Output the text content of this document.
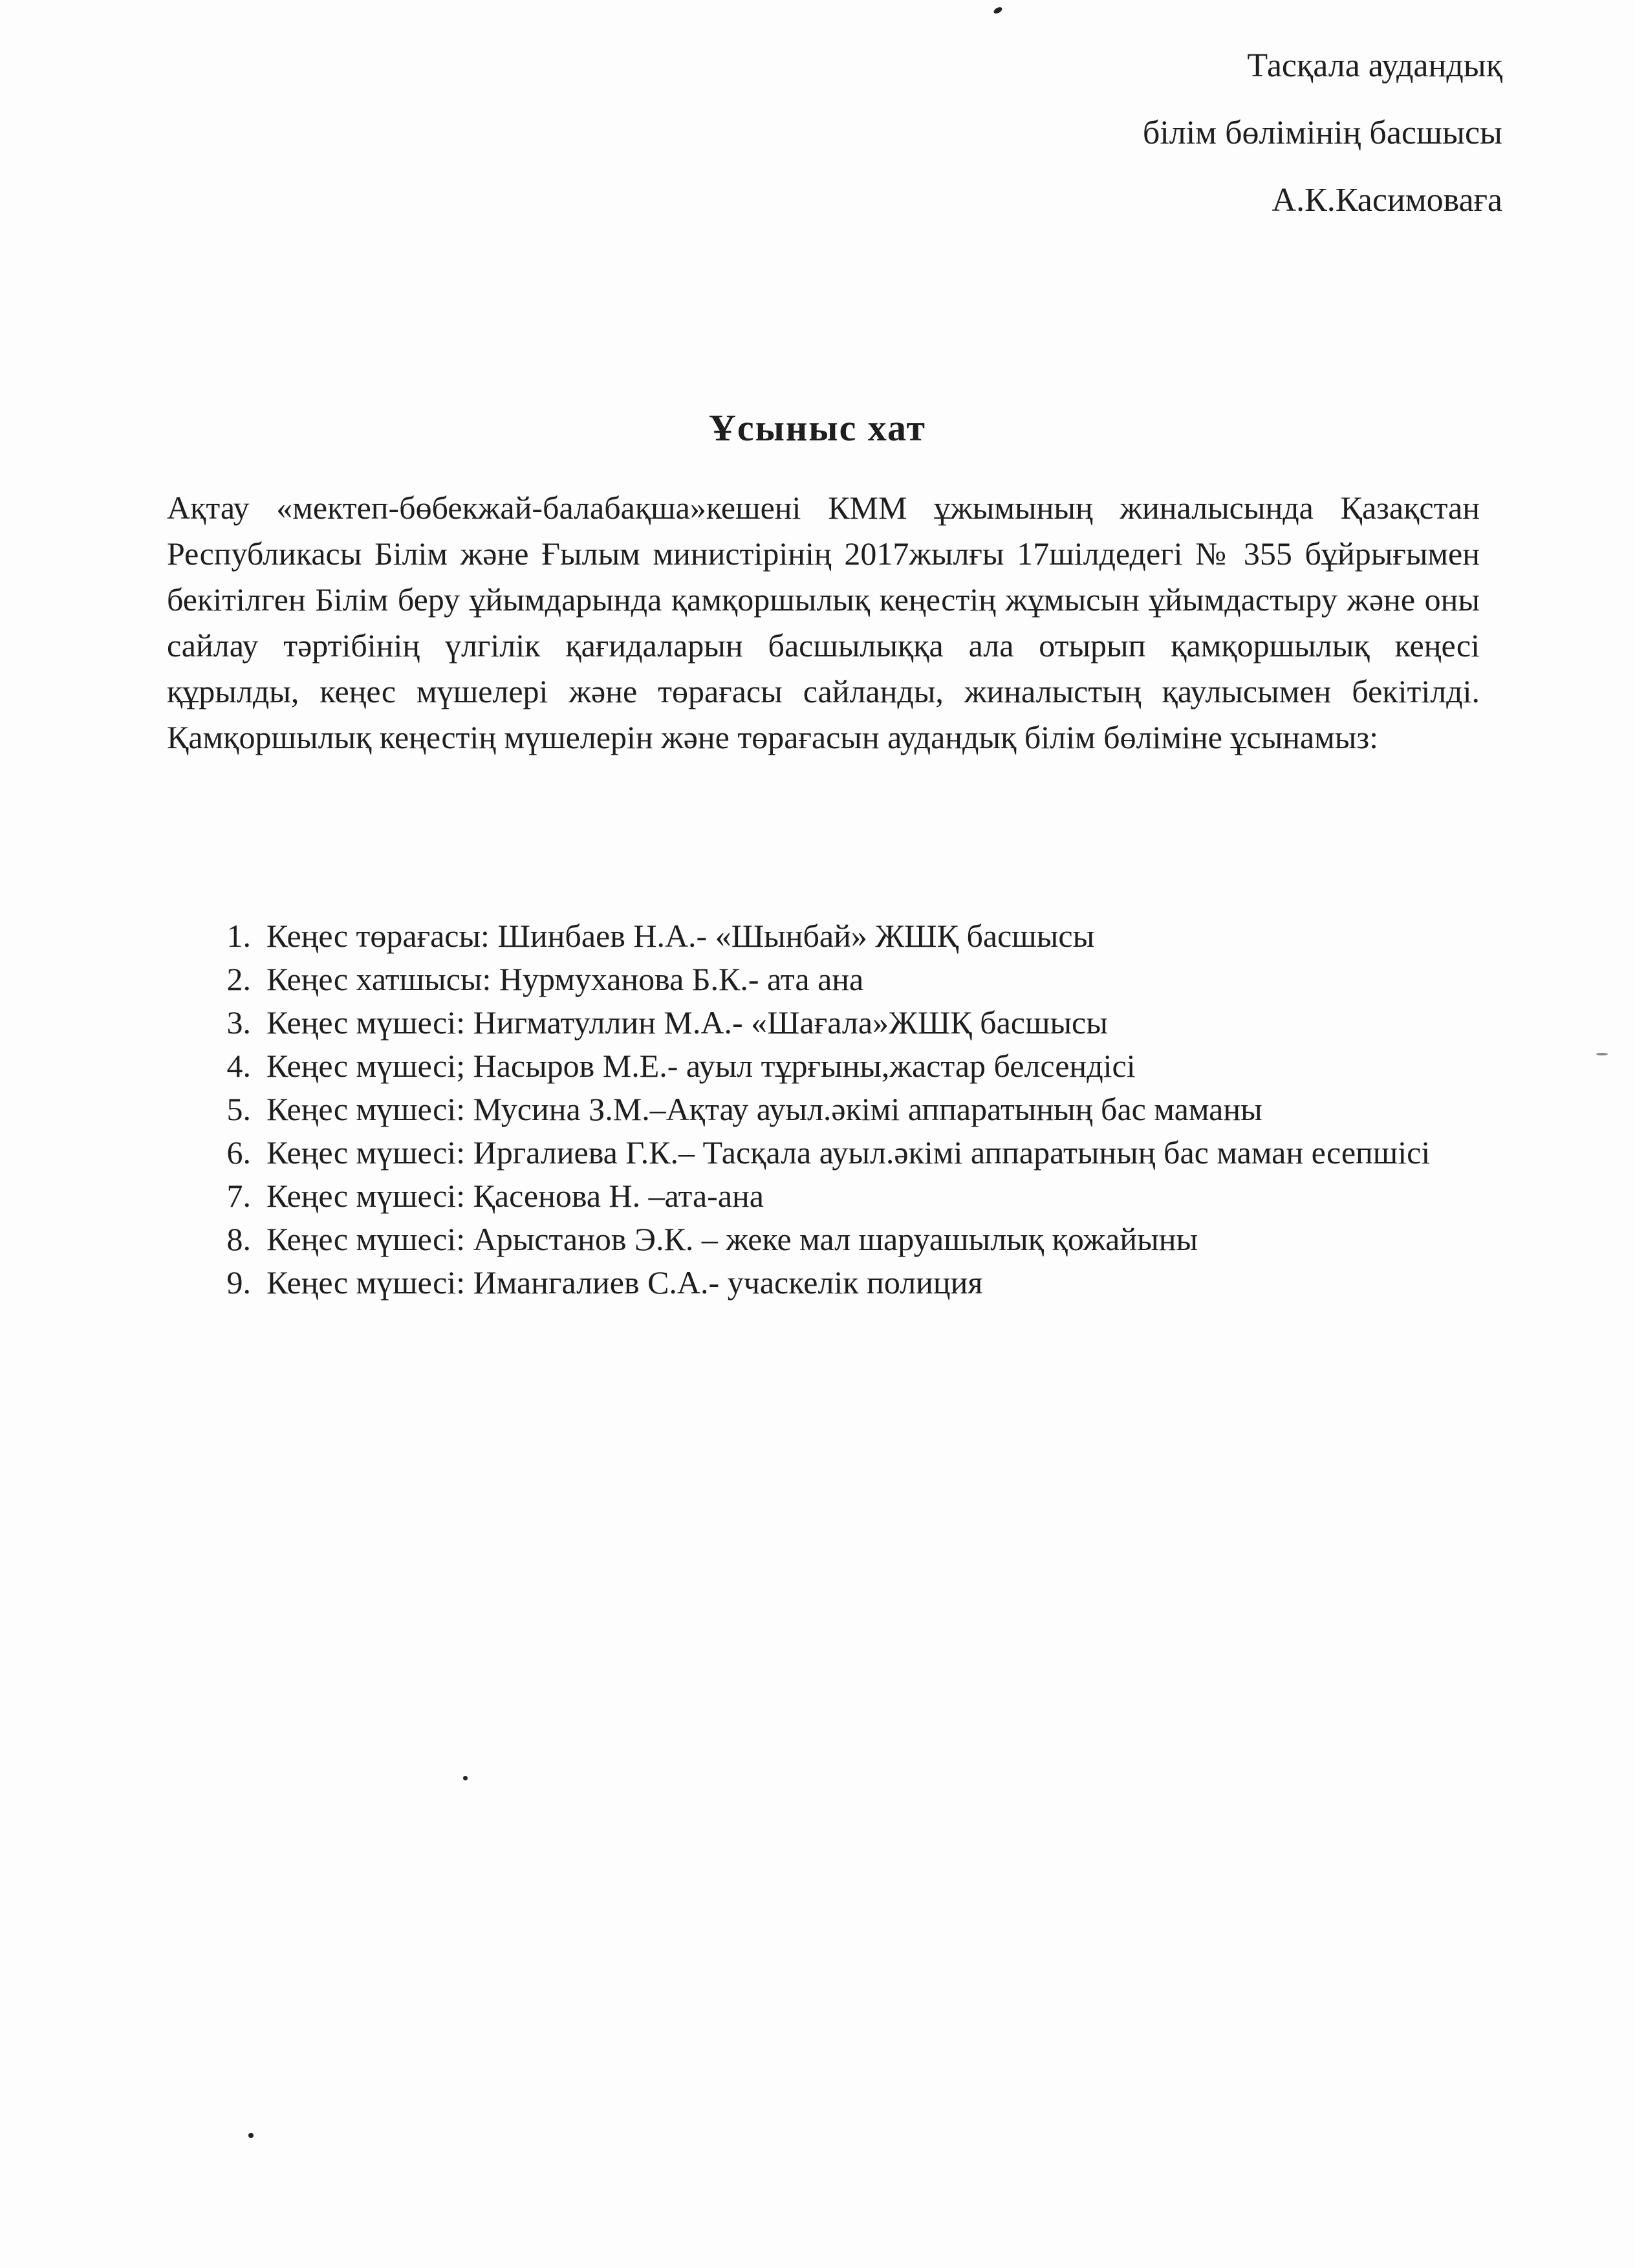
Тасқала аудандық
білім бөлімінің басшысы
А.К.Касимоваға
Ұсыныс хат
Ақтау «мектеп-бөбекжай-балабақша»кешені КММ ұжымының жиналысында Қазақстан Республикасы Білім және Ғылым министірінің 2017жылғы 17шілдедегі № 355 бұйрығымен бекітілген Білім беру ұйымдарында қамқоршылық кеңестің жұмысын ұйымдастыру және оны сайлау тәртібінің үлгілік қағидаларын басшылыққа ала отырып қамқоршылық кеңесі құрылды, кеңес мүшелері және төрағасы сайланды, жиналыстың қаулысымен бекітілді. Қамқоршылық кеңестің мүшелерін және төрағасын аудандық білім бөліміне ұсынамыз:
1. Кеңес төрағасы: Шинбаев Н.А.- «Шынбай» ЖШҚ басшысы
2. Кеңес хатшысы: Нурмуханова Б.К.- ата ана
3. Кеңес мүшесі: Нигматуллин М.А.- «Шағала»ЖШҚ басшысы
4. Кеңес мүшесі; Насыров М.Е.- ауыл тұрғыны,жастар белсендісі
5. Кеңес мүшесі: Мусина З.М.–Ақтау ауыл.әкімі аппаратының бас маманы
6. Кеңес мүшесі: Иргалиева Г.К.– Тасқала ауыл.әкімі аппаратының бас маман есепшісі
7. Кеңес мүшесі: Қасенова Н. –ата-ана
8. Кеңес мүшесі: Арыстанов Э.К. – жеке мал шаруашылық қожайыны
9. Кеңес мүшесі: Имангалиев С.А.- учаскелік полиция
